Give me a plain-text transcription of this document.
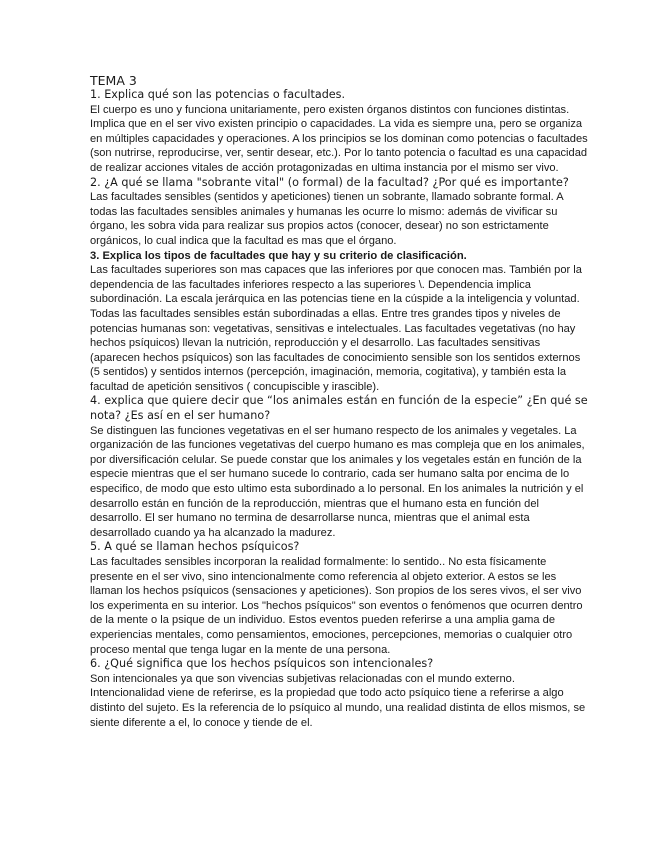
TEMA 3

1. Explica qué son las potencias o facultades.

El cuerpo es uno y funciona unitariamente, pero existen órganos distintos con funciones distintas. Implica que en el ser vivo existen principio o capacidades. La vida es siempre una, pero se organiza en múltiples capacidades y operaciones. A los principios se los dominan como potencias o facultades (son nutrirse, reproducirse, ver, sentir desear, etc.). Por lo tanto potencia o facultad es una capacidad de realizar acciones vitales de acción protagonizadas en ultima instancia por el mismo ser vivo.

2. ¿A qué se llama "sobrante vital" (o formal) de la facultad? ¿Por qué es importante?

Las facultades sensibles (sentidos y apeticiones) tienen un sobrante, llamado sobrante formal. A todas las facultades sensibles animales y humanas les ocurre lo mismo: además de vivificar su órgano, les sobra vida para realizar sus propios actos (conocer, desear) no son estrictamente orgánicos, lo cual indica que la facultad es mas que el órgano.

3. Explica los tipos de facultades que hay y su criterio de clasificación.

Las facultades superiores son mas capaces que las inferiores por que conocen mas. También por la dependencia de las facultades inferiores respecto a las superiores \. Dependencia implica subordinación. La escala jerárquica en las potencias tiene en la cúspide a la inteligencia y voluntad. Todas las facultades sensibles están subordinadas a ellas. Entre tres grandes tipos y niveles de potencias humanas son: vegetativas, sensitivas e intelectuales. Las facultades vegetativas (no hay hechos psíquicos) llevan la nutrición, reproducción y el desarrollo. Las facultades sensitivas (aparecen hechos psíquicos) son las facultades de conocimiento sensible son los sentidos externos (5 sentidos) y sentidos internos (percepción, imaginación, memoria, cogitativa), y también esta la facultad de apetición sensitivos ( concupiscible y irascible).

4. explica que quiere decir que “los animales están en función de la especie” ¿En qué se nota? ¿Es así en el ser humano?

Se distinguen las funciones vegetativas en el ser humano respecto de los animales y vegetales. La organización de las funciones vegetativas del cuerpo humano es mas compleja que en los animales, por diversificación celular. Se puede constar que los animales y los vegetales están en función de la especie mientras que el ser humano sucede lo contrario, cada ser humano salta por encima de lo especifico, de modo que esto ultimo esta subordinado a lo personal. En los animales la nutrición y el desarrollo están en función de la reproducción, mientras que el humano esta en función del desarrollo. El ser humano no termina de desarrollarse nunca, mientras que el animal esta desarrollado cuando ya ha alcanzado la madurez.

5. A qué se llaman hechos psíquicos?

Las facultades sensibles incorporan la realidad formalmente: lo sentido.. No esta físicamente presente en el ser vivo, sino intencionalmente como referencia al objeto exterior. A estos se les llaman los hechos psíquicos (sensaciones y apeticiones). Son propios de los seres vivos, el ser vivo los experimenta en su interior. Los "hechos psíquicos" son eventos o fenómenos que ocurren dentro de la mente o la psique de un individuo. Estos eventos pueden referirse a una amplia gama de experiencias mentales, como pensamientos, emociones, percepciones, memorias o cualquier otro proceso mental que tenga lugar en la mente de una persona.

6. ¿Qué significa que los hechos psíquicos son intencionales?

Son intencionales ya que son vivencias subjetivas relacionadas con el mundo externo. Intencionalidad viene de referirse, es la propiedad que todo acto psíquico tiene a referirse a algo distinto del sujeto. Es la referencia de lo psíquico al mundo, una realidad distinta de ellos mismos, se siente diferente a el, lo conoce y tiende de el.
